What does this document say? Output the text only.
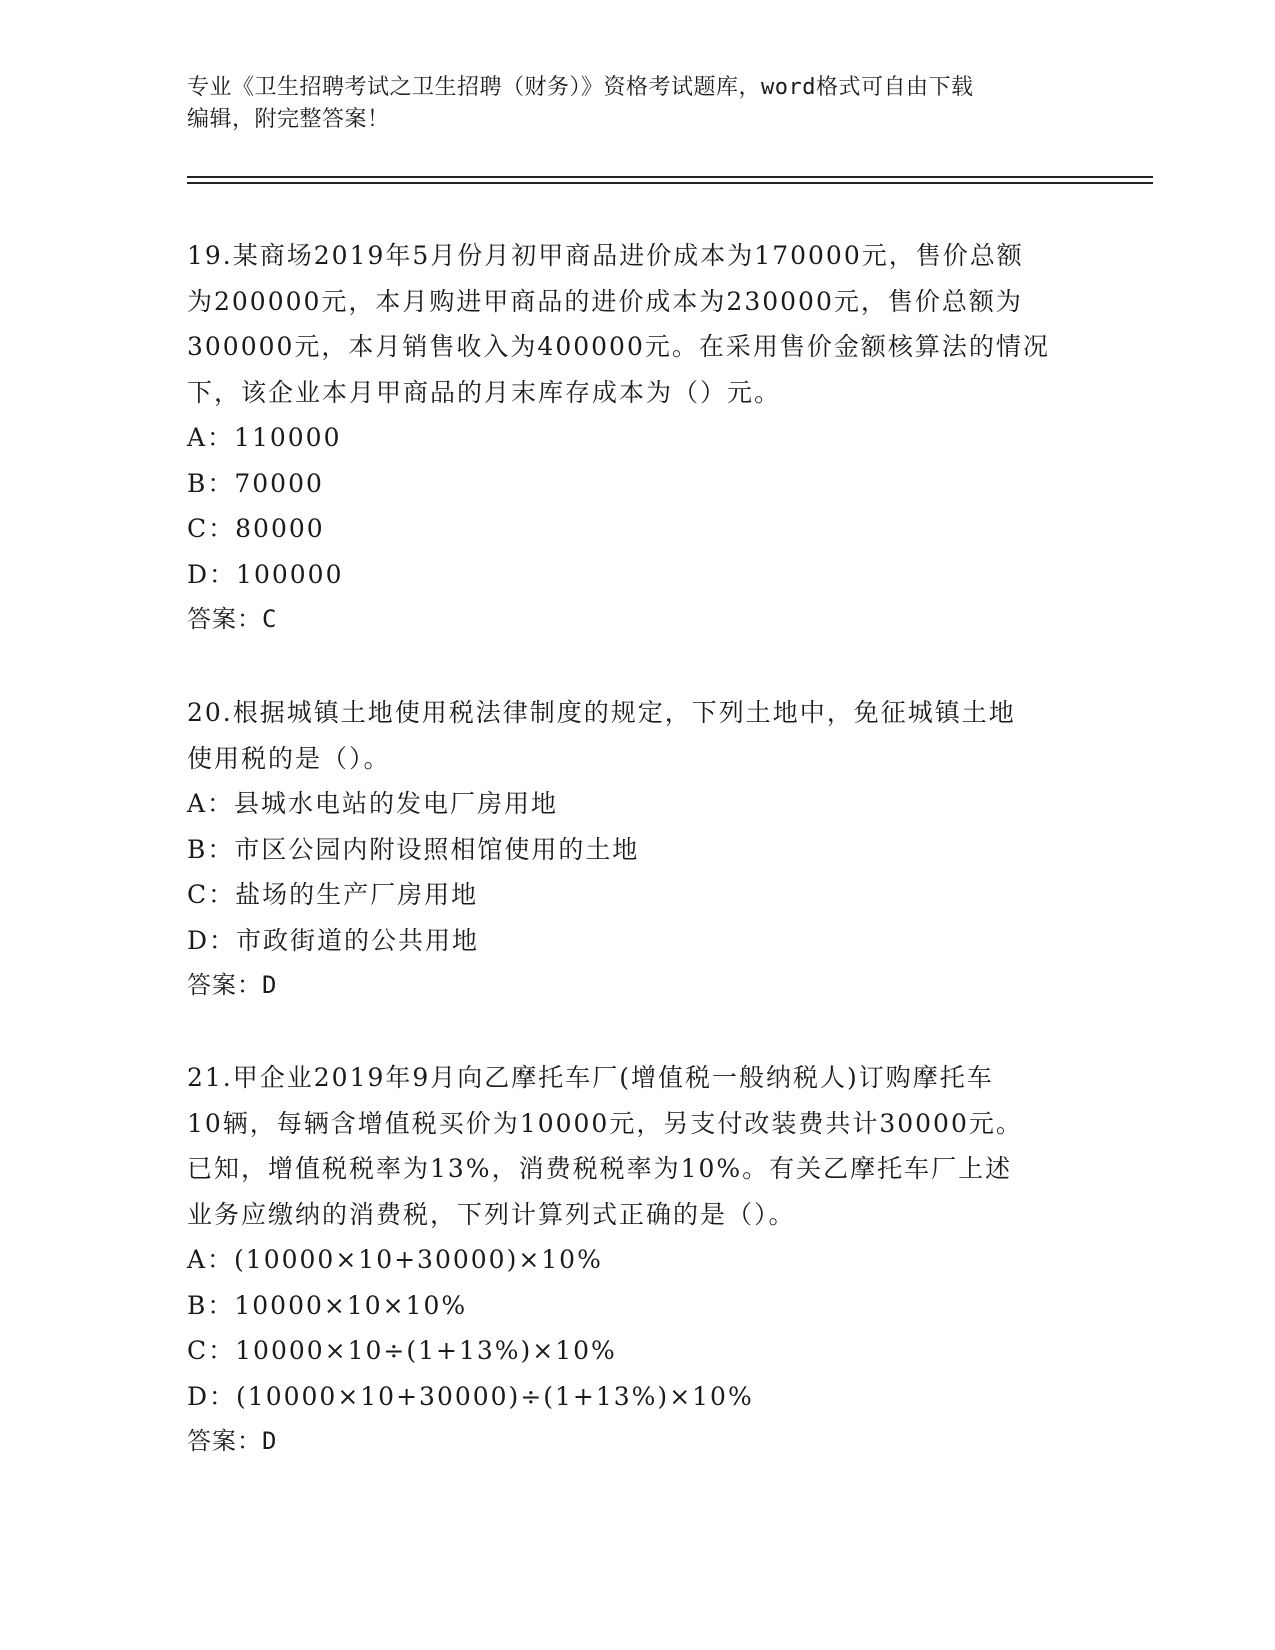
专业《卫生招聘考试之卫生招聘（财务）》资格考试题库，word格式可自由下载
编辑，附完整答案！
19.某商场2019年5月份月初甲商品进价成本为170000元，售价总额
为200000元，本月购进甲商品的进价成本为230000元，售价总额为
300000元，本月销售收入为400000元。在采用售价金额核算法的情况
下，该企业本月甲商品的月末库存成本为（）元。
A：110000
B：70000
C：80000
D：100000
答案：C
20.根据城镇土地使用税法律制度的规定，下列土地中，免征城镇土地
使用税的是（）。
A：县城水电站的发电厂房用地
B：市区公园内附设照相馆使用的土地
C：盐场的生产厂房用地
D：市政街道的公共用地
答案：D
21.甲企业2019年9月向乙摩托车厂(增值税一般纳税人)订购摩托车
10辆，每辆含增值税买价为10000元，另支付改装费共计30000元。
已知，增值税税率为13%，消费税税率为10%。有关乙摩托车厂上述
业务应缴纳的消费税，下列计算列式正确的是（）。
A：(10000×10+30000)×10%
B：10000×10×10%
C：10000×10÷(1+13%)×10%
D：(10000×10+30000)÷(1+13%)×10%
答案：D
